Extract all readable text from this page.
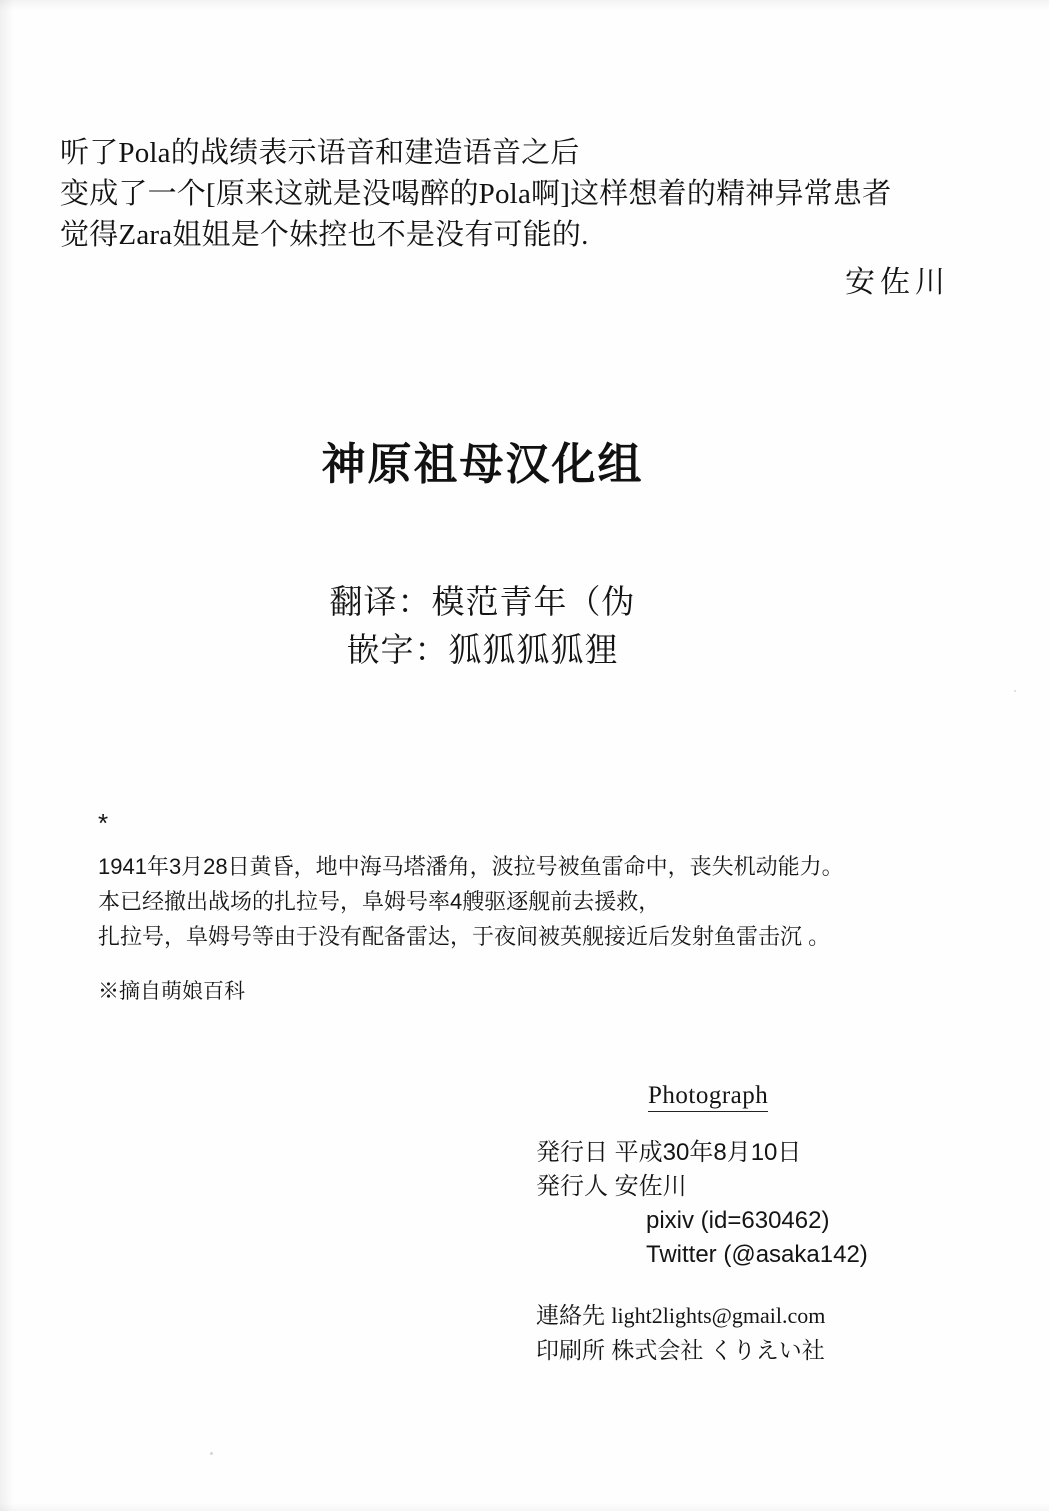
听了Pola的战绩表示语音和建造语音之后
变成了一个[原来这就是没喝醉的Pola啊]这样想着的精神异常患者
觉得Zara姐姐是个妹控也不是没有可能的.
安佐川
神原祖母汉化组
翻译：模范青年（伪
嵌字：狐狐狐狐狸
*
1941年3月28日黄昏，地中海马塔潘角，波拉号被鱼雷命中，丧失机动能力。
本已经撤出战场的扎拉号，阜姆号率4艘驱逐舰前去援救，
扎拉号，阜姆号等由于没有配备雷达，于夜间被英舰接近后发射鱼雷击沉 。
※摘自萌娘百科
Photograph
発行日 平成30年8月10日
発行人 安佐川
pixiv (id=630462)
Twitter (@asaka142)
連絡先 light2lights@gmail.com
印刷所 株式会社 くりえい社
